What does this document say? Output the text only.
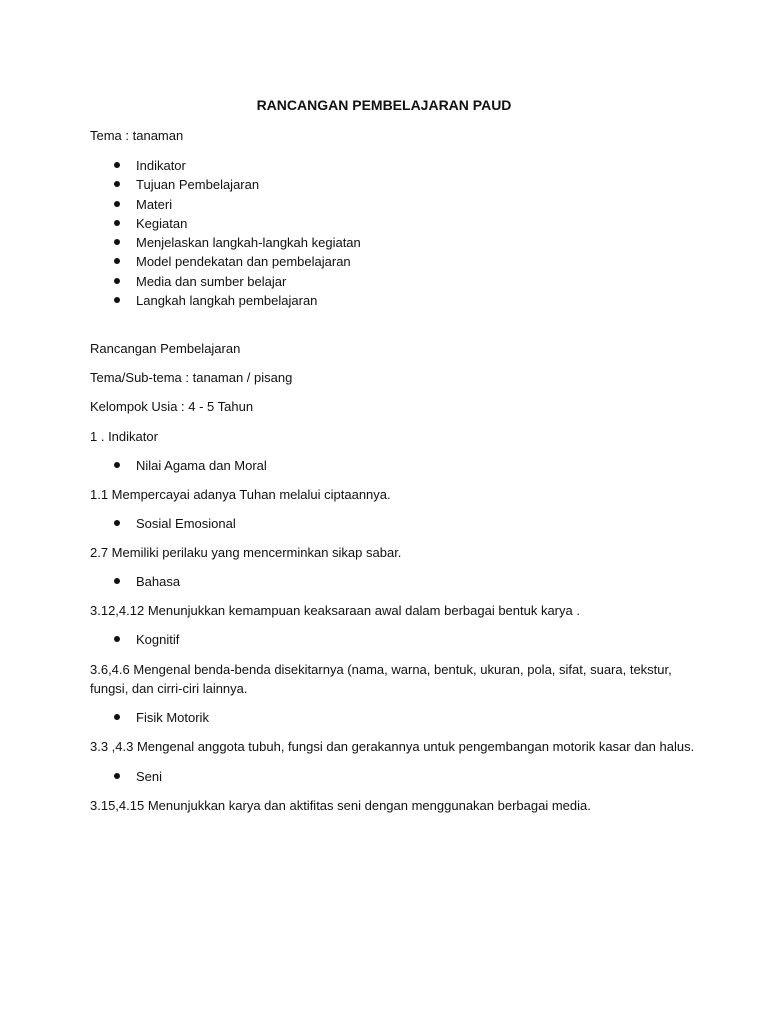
RANCANGAN PEMBELAJARAN PAUD
Tema : tanaman
Indikator
Tujuan Pembelajaran
Materi
Kegiatan
Menjelaskan langkah-langkah kegiatan
Model pendekatan dan pembelajaran
Media dan sumber belajar
Langkah langkah pembelajaran
Rancangan Pembelajaran
Tema/Sub-tema : tanaman / pisang
Kelompok Usia : 4 - 5 Tahun
1 . Indikator
Nilai Agama dan Moral
1.1 Mempercayai adanya Tuhan melalui ciptaannya.
Sosial Emosional
2.7 Memiliki perilaku yang mencerminkan sikap sabar.
Bahasa
3.12,4.12 Menunjukkan kemampuan keaksaraan awal dalam berbagai bentuk karya .
Kognitif
3.6,4.6 Mengenal benda-benda disekitarnya (nama, warna, bentuk, ukuran, pola, sifat, suara, tekstur, fungsi, dan cirri-ciri lainnya.
Fisik Motorik
3.3 ,4.3 Mengenal anggota tubuh, fungsi dan gerakannya untuk pengembangan motorik kasar dan halus.
Seni
3.15,4.15 Menunjukkan karya dan aktifitas seni dengan menggunakan berbagai media.
